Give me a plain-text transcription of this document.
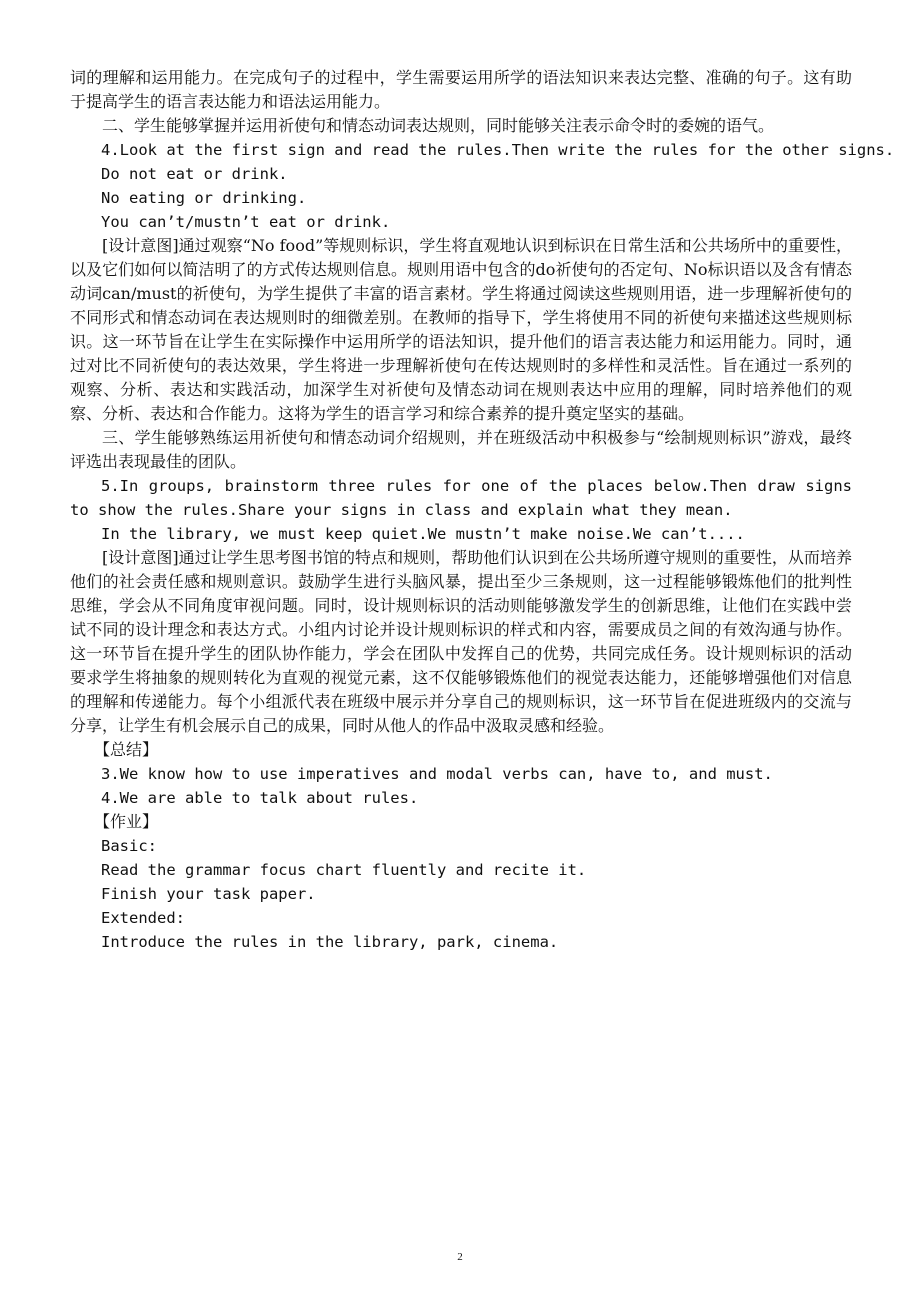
词的理解和运用能力。在完成句子的过程中，学生需要运用所学的语法知识来表达完整、准确的句子。这有助于提高学生的语言表达能力和语法运用能力。

二、学生能够掌握并运用祈使句和情态动词表达规则，同时能够关注表示命令时的委婉的语气。

4.Look at the first sign and read the rules.Then write the rules for the other signs.

Do not eat or drink.

No eating or drinking.

You can’t/mustn’t eat or drink.

[设计意图]通过观察“No food”等规则标识，学生将直观地认识到标识在日常生活和公共场所中的重要性，以及它们如何以简洁明了的方式传达规则信息。规则用语中包含的do祈使句的否定句、No标识语以及含有情态动词can/must的祈使句，为学生提供了丰富的语言素材。学生将通过阅读这些规则用语，进一步理解祈使句的不同形式和情态动词在表达规则时的细微差别。在教师的指导下，学生将使用不同的祈使句来描述这些规则标识。这一环节旨在让学生在实际操作中运用所学的语法知识，提升他们的语言表达能力和运用能力。同时，通过对比不同祈使句的表达效果，学生将进一步理解祈使句在传达规则时的多样性和灵活性。旨在通过一系列的观察、分析、表达和实践活动，加深学生对祈使句及情态动词在规则表达中应用的理解，同时培养他们的观察、分析、表达和合作能力。这将为学生的语言学习和综合素养的提升奠定坚实的基础。

三、学生能够熟练运用祈使句和情态动词介绍规则，并在班级活动中积极参与“绘制规则标识”游戏，最终评选出表现最佳的团队。

5.In groups, brainstorm three rules for one of the places below.Then draw signs to show the rules.Share your signs in class and explain what they mean.

In the library, we must keep quiet.We mustn’t make noise.We can’t....

[设计意图]通过让学生思考图书馆的特点和规则，帮助他们认识到在公共场所遵守规则的重要性，从而培养他们的社会责任感和规则意识。鼓励学生进行头脑风暴，提出至少三条规则，这一过程能够锻炼他们的批判性思维，学会从不同角度审视问题。同时，设计规则标识的活动则能够激发学生的创新思维，让他们在实践中尝试不同的设计理念和表达方式。小组内讨论并设计规则标识的样式和内容，需要成员之间的有效沟通与协作。这一环节旨在提升学生的团队协作能力，学会在团队中发挥自己的优势，共同完成任务。设计规则标识的活动要求学生将抽象的规则转化为直观的视觉元素，这不仅能够锻炼他们的视觉表达能力，还能够增强他们对信息的理解和传递能力。每个小组派代表在班级中展示并分享自己的规则标识，这一环节旨在促进班级内的交流与分享，让学生有机会展示自己的成果，同时从他人的作品中汲取灵感和经验。

【总结】

3.We know how to use imperatives and modal verbs can, have to, and must.

4.We are able to talk about rules.

【作业】

Basic:

Read the grammar focus chart fluently and recite it.

Finish your task paper.

Extended:

Introduce the rules in the library, park, cinema.

2
